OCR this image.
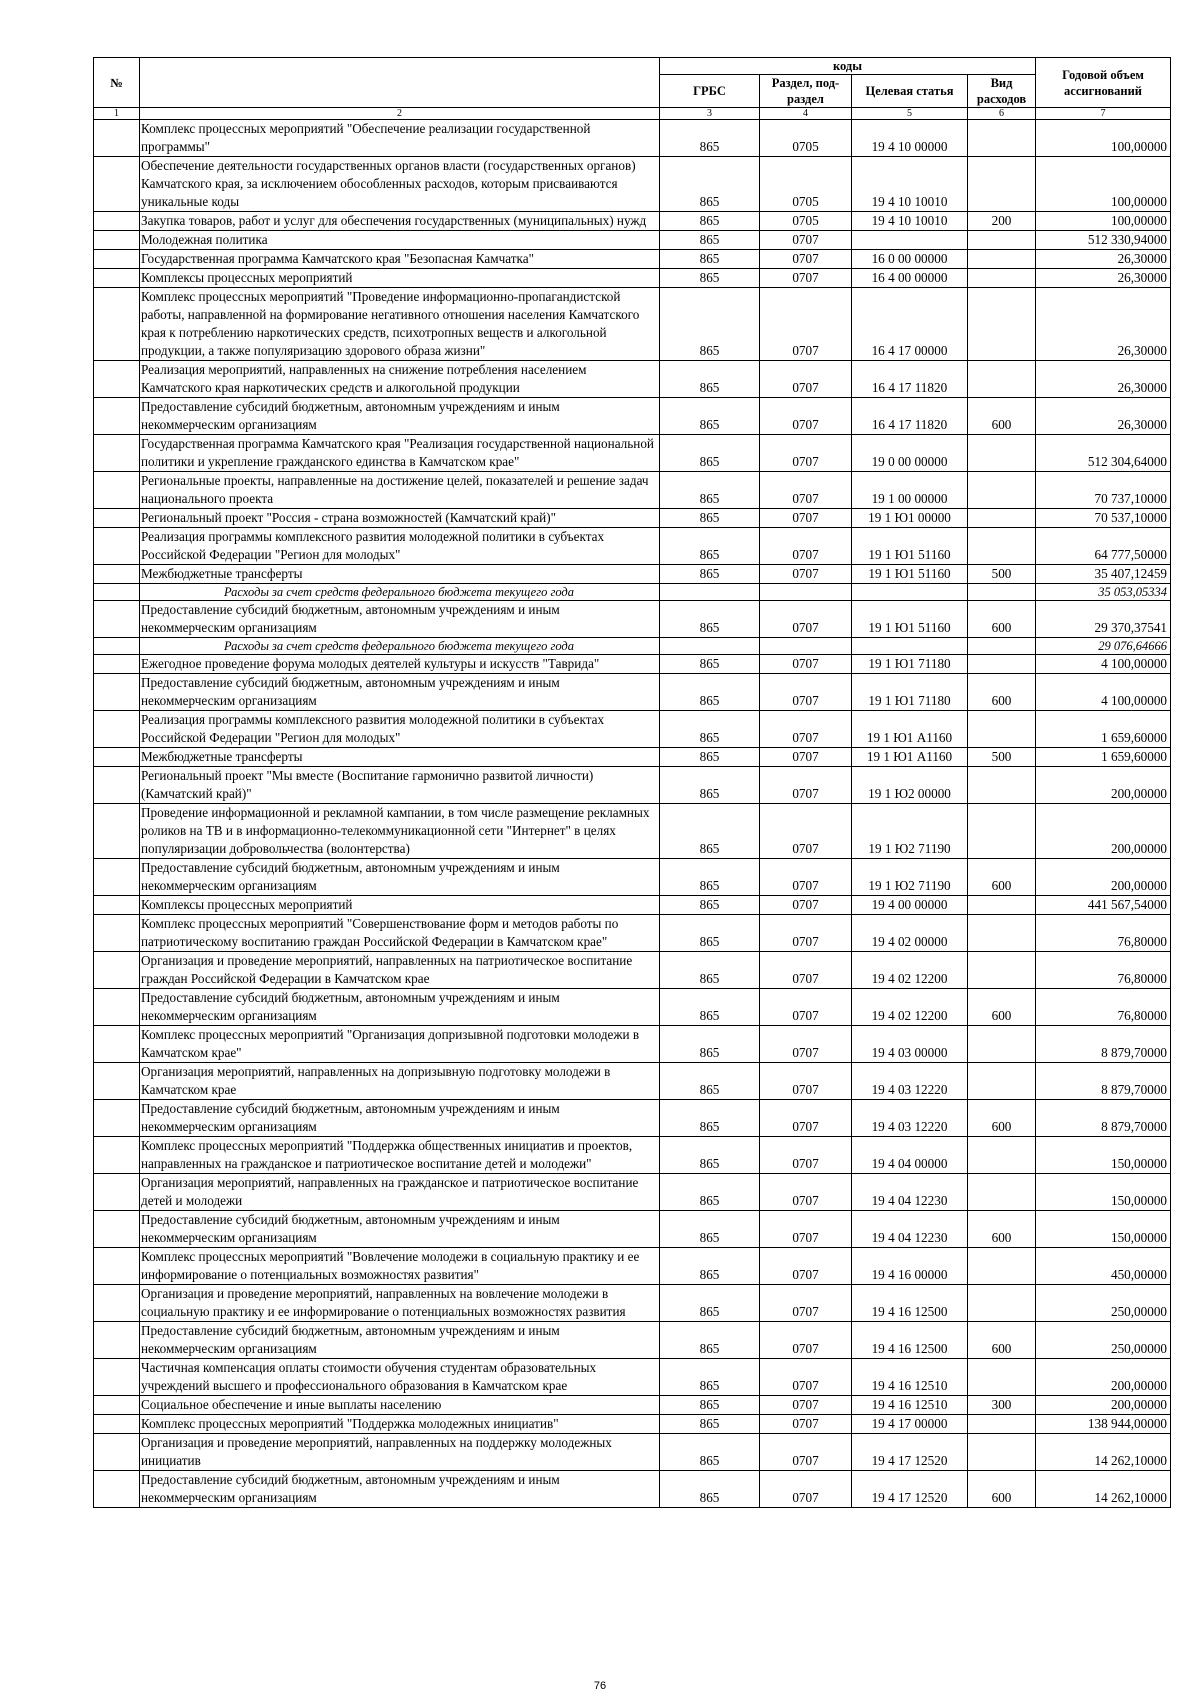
№		коды				Годовой объем ассигнований
		ГРБС	Раздел, под-раздел	Целевая статья	Вид расходов	
1	2	3	4	5	6	7
	Комплекс процессных мероприятий "Обеспечение реализации государственной программы"	865	0705	19 4 10 00000		100,00000
	Обеспечение деятельности государственных органов власти (государственных органов) Камчатского края, за исключением обособленных расходов, которым присваиваются уникальные коды	865	0705	19 4 10 10010		100,00000
	Закупка товаров, работ и услуг для обеспечения государственных (муниципальных) нужд	865	0705	19 4 10 10010	200	100,00000
	Молодежная политика	865	0707			512 330,94000
	Государственная программа Камчатского края "Безопасная Камчатка"	865	0707	16 0 00 00000		26,30000
	Комплексы процессных мероприятий	865	0707	16 4 00 00000		26,30000
	Комплекс процессных мероприятий "Проведение информационно-пропагандистской работы, направленной на формирование негативного отношения населения Камчатского края к потреблению наркотических средств, психотропных веществ и алкогольной продукции, а также популяризацию здорового образа жизни"	865	0707	16 4 17 00000		26,30000
	Реализация мероприятий, направленных на снижение потребления населением Камчатского края наркотических средств и алкогольной продукции	865	0707	16 4 17 11820		26,30000
	Предоставление субсидий бюджетным, автономным учреждениям и иным некоммерческим организациям	865	0707	16 4 17 11820	600	26,30000
	Государственная программа Камчатского края "Реализация государственной национальной политики и укрепление гражданского единства в Камчатском крае"	865	0707	19 0 00 00000		512 304,64000
	Региональные проекты, направленные на достижение целей, показателей и решение задач национального проекта	865	0707	19 1 00 00000		70 737,10000
	Региональный проект "Россия - страна возможностей (Камчатский край)"	865	0707	19 1 Ю1 00000		70 537,10000
	Реализация программы комплексного развития молодежной политики в субъектах Российской Федерации "Регион для молодых"	865	0707	19 1 Ю1 51160		64 777,50000
	Межбюджетные трансферты	865	0707	19 1 Ю1 51160	500	35 407,12459
	Расходы за счет средств федерального бюджета текущего года					35 053,05334
	Предоставление субсидий бюджетным, автономным учреждениям и иным некоммерческим организациям	865	0707	19 1 Ю1 51160	600	29 370,37541
	Расходы за счет средств федерального бюджета текущего года					29 076,64666
	Ежегодное проведение форума молодых деятелей культуры и искусств "Таврида"	865	0707	19 1 Ю1 71180		4 100,00000
	Предоставление субсидий бюджетным, автономным учреждениям и иным некоммерческим организациям	865	0707	19 1 Ю1 71180	600	4 100,00000
	Реализация программы комплексного развития молодежной политики в субъектах Российской Федерации "Регион для молодых"	865	0707	19 1 Ю1 А1160		1 659,60000
	Межбюджетные трансферты	865	0707	19 1 Ю1 А1160	500	1 659,60000
	Региональный проект "Мы вместе (Воспитание гармонично развитой личности) (Камчатский край)"	865	0707	19 1 Ю2 00000		200,00000
	Проведение информационной и рекламной кампании, в том числе размещение рекламных роликов на ТВ и в информационно-телекоммуникационной сети "Интернет" в целях популяризации добровольчества (волонтерства)	865	0707	19 1 Ю2 71190		200,00000
	Предоставление субсидий бюджетным, автономным учреждениям и иным некоммерческим организациям	865	0707	19 1 Ю2 71190	600	200,00000
	Комплексы процессных мероприятий	865	0707	19 4 00 00000		441 567,54000
	Комплекс процессных мероприятий "Совершенствование форм и методов работы по патриотическому воспитанию граждан Российской Федерации в Камчатском крае"	865	0707	19 4 02 00000		76,80000
	Организация и проведение мероприятий, направленных на патриотическое воспитание граждан Российской Федерации в Камчатском крае	865	0707	19 4 02 12200		76,80000
	Предоставление субсидий бюджетным, автономным учреждениям и иным некоммерческим организациям	865	0707	19 4 02 12200	600	76,80000
	Комплекс процессных мероприятий "Организация допризывной подготовки молодежи в Камчатском крае"	865	0707	19 4 03 00000		8 879,70000
	Организация мероприятий, направленных на допризывную подготовку молодежи в Камчатском крае	865	0707	19 4 03 12220		8 879,70000
	Предоставление субсидий бюджетным, автономным учреждениям и иным некоммерческим организациям	865	0707	19 4 03 12220	600	8 879,70000
	Комплекс процессных мероприятий "Поддержка общественных инициатив и проектов, направленных на гражданское и патриотическое воспитание детей и молодежи"	865	0707	19 4 04 00000		150,00000
	Организация мероприятий, направленных на гражданское и патриотическое воспитание детей и молодежи	865	0707	19 4 04 12230		150,00000
	Предоставление субсидий бюджетным, автономным учреждениям и иным некоммерческим организациям	865	0707	19 4 04 12230	600	150,00000
	Комплекс процессных мероприятий "Вовлечение молодежи в социальную практику и ее информирование о потенциальных возможностях развития"	865	0707	19 4 16 00000		450,00000
	Организация и проведение мероприятий, направленных на вовлечение молодежи в социальную практику и ее информирование о потенциальных возможностях развития	865	0707	19 4 16 12500		250,00000
	Предоставление субсидий бюджетным, автономным учреждениям и иным некоммерческим организациям	865	0707	19 4 16 12500	600	250,00000
	Частичная компенсация оплаты стоимости обучения студентам образовательных учреждений высшего и профессионального образования в Камчатском крае	865	0707	19 4 16 12510		200,00000
	Социальное обеспечение и иные выплаты населению	865	0707	19 4 16 12510	300	200,00000
	Комплекс процессных мероприятий "Поддержка молодежных инициатив"	865	0707	19 4 17 00000		138 944,00000
	Организация и проведение мероприятий, направленных на поддержку молодежных инициатив	865	0707	19 4 17 12520		14 262,10000
	Предоставление субсидий бюджетным, автономным учреждениям и иным некоммерческим организациям	865	0707	19 4 17 12520	600	14 262,10000
76
